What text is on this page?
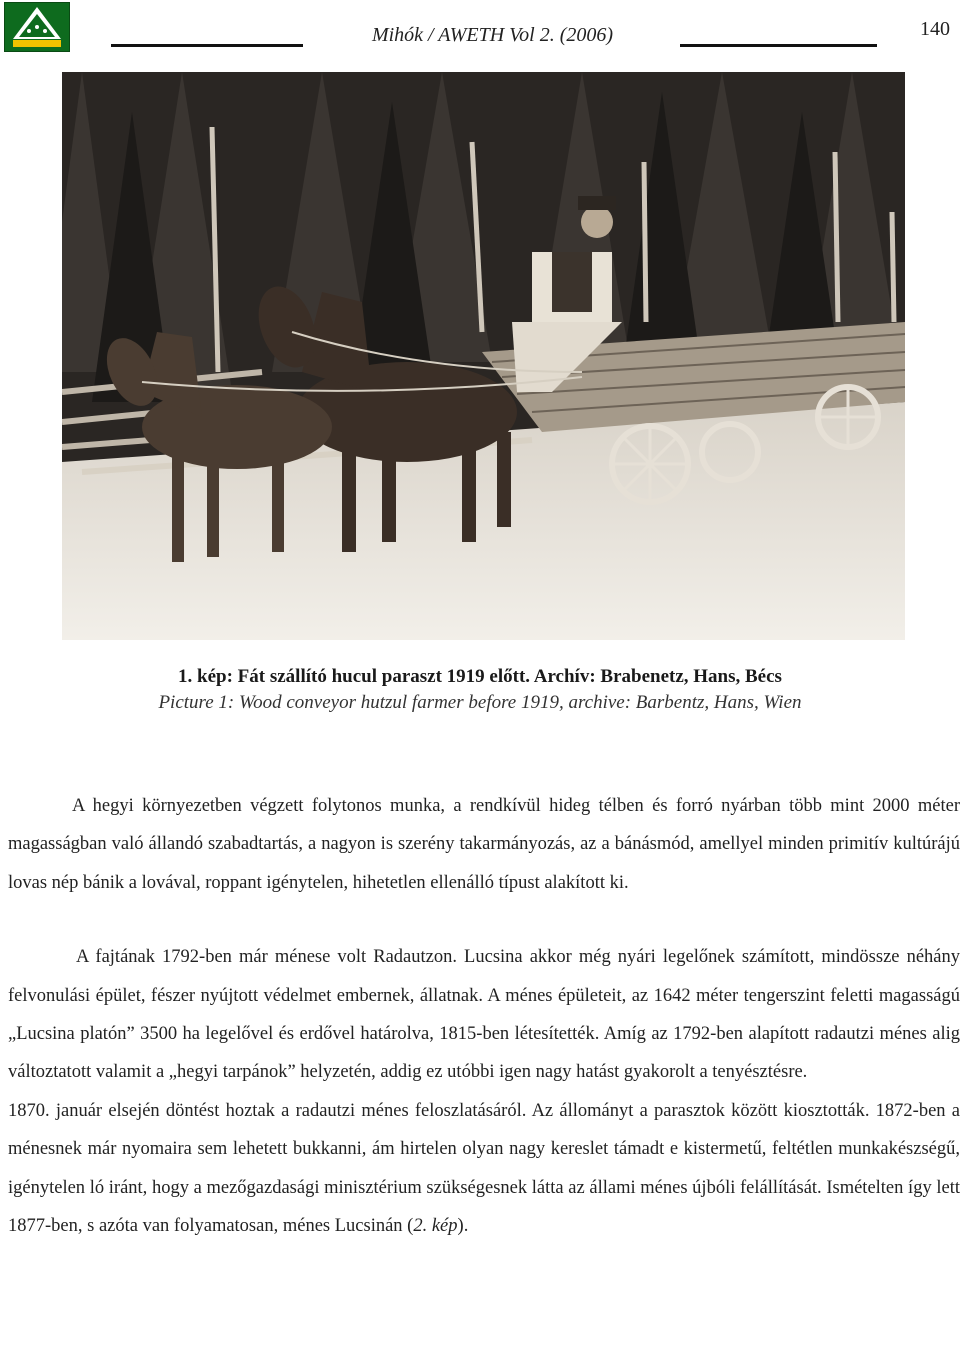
Mihók / AWETH Vol 2. (2006)	140
1. kép: Fát szállító hucul paraszt 1919 előtt. Archív: Brabenetz, Hans, Bécs
Picture 1: Wood conveyor hutzul farmer before 1919, archive: Barbentz, Hans, Wien

A hegyi környezetben végzett folytonos munka, a rendkívül hideg télben és forró nyárban több mint 2000 méter magasságban való állandó szabadtartás, a nagyon is szerény takarmányozás, az a bánásmód, amellyel minden primitív kultúrájú lovas nép bánik a lovával, roppant igénytelen, hihetetlen ellenálló típust alakított ki.

A fajtának 1792-ben már ménese volt Radautzon. Lucsina akkor még nyári legelőnek számított, mindössze néhány felvonulási épület, fészer nyújtott védelmet embernek, állatnak. A ménes épületeit, az 1642 méter tengerszint feletti magasságú „Lucsina platón” 3500 ha legelővel és erdővel határolva, 1815-ben létesítették. Amíg az 1792-ben alapított radautzi ménes alig változtatott valamit a „hegyi tarpánok” helyzetén, addig ez utóbbi igen nagy hatást gyakorolt a tenyésztésre.

1870. január elsején döntést hoztak a radautzi ménes feloszlatásáról. Az állományt a parasztok között kiosztották. 1872-ben a ménesnek már nyomaira sem lehetett bukkanni, ám hirtelen olyan nagy kereslet támadt e kistermetű, feltétlen munkakészségű, igénytelen ló iránt, hogy a mezőgazdasági minisztérium szükségesnek látta az állami ménes újbóli felállítását. Ismételten így lett 1877-ben, s azóta van folyamatosan, ménes Lucsinán (2. kép).
